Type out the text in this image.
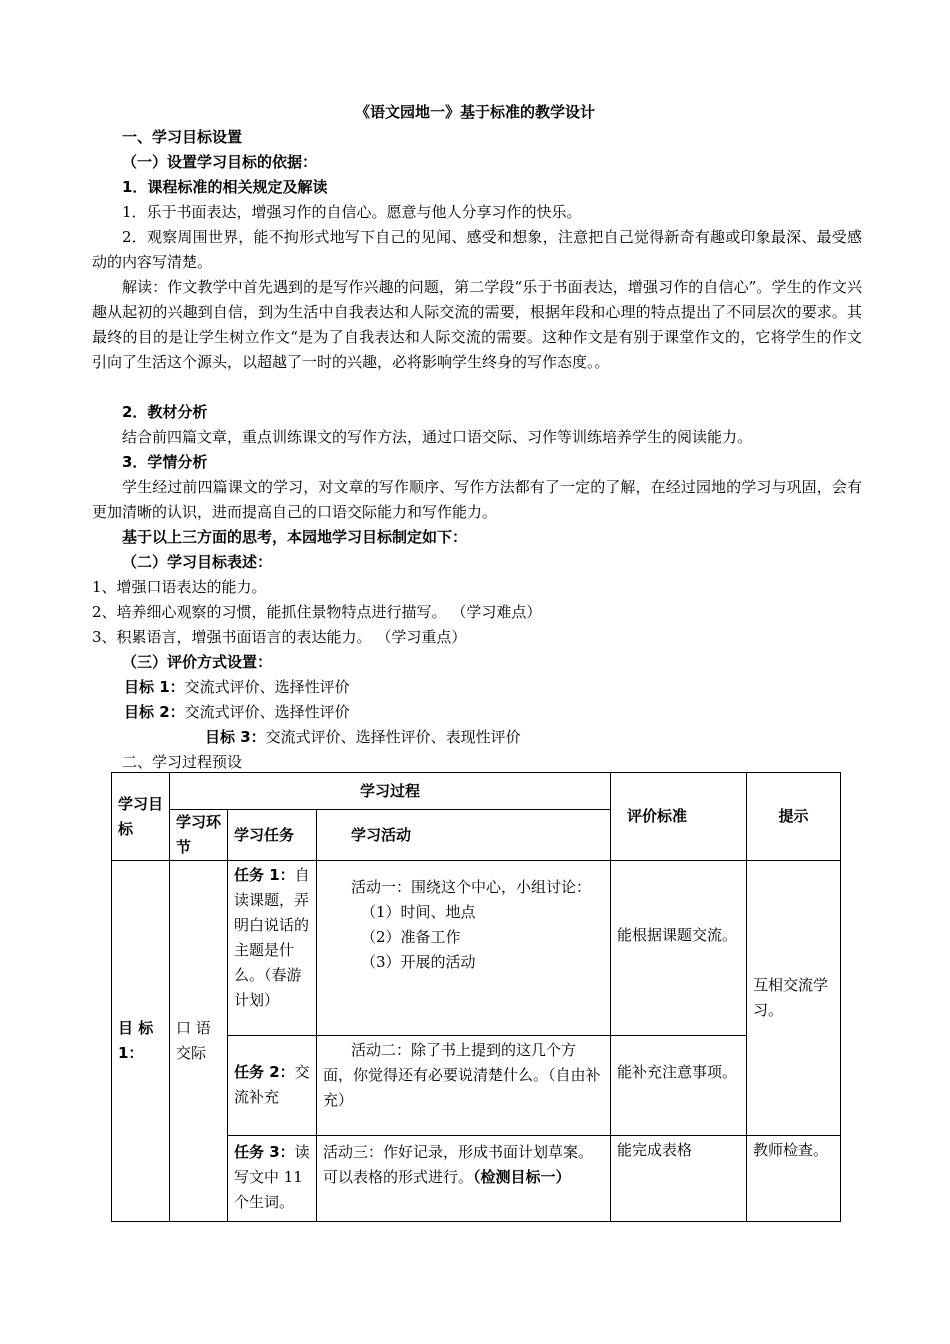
《语文园地一》基于标准的教学设计
一、学习目标设置
（一）设置学习目标的依据：
1．课程标准的相关规定及解读
1．乐于书面表达，增强习作的自信心。愿意与他人分享习作的快乐。
2．观察周围世界，能不拘形式地写下自己的见闻、感受和想象，注意把自己觉得新奇有趣或印象最深、最受感动的内容写清楚。
解读：作文教学中首先遇到的是写作兴趣的问题，第二学段“乐于书面表达，增强习作的自信心”。学生的作文兴趣从起初的兴趣到自信，到为生活中自我表达和人际交流的需要，根据年段和心理的特点提出了不同层次的要求。其最终的目的是让学生树立作文“是为了自我表达和人际交流的需要。这种作文是有别于课堂作文的，它将学生的作文引向了生活这个源头，以超越了一时的兴趣，必将影响学生终身的写作态度。。
2．教材分析
结合前四篇文章，重点训练课文的写作方法，通过口语交际、习作等训练培养学生的阅读能力。
3．学情分析
学生经过前四篇课文的学习，对文章的写作顺序、写作方法都有了一定的了解，在经过园地的学习与巩固，会有更加清晰的认识，进而提高自己的口语交际能力和写作能力。
基于以上三方面的思考，本园地学习目标制定如下：
（二）学习目标表述：
1、增强口语表达的能力。
2、培养细心观察的习惯，能抓住景物特点进行描写。 （学习难点）
3、积累语言，增强书面语言的表达能力。 （学习重点）
（三）评价方式设置：
目标 1：交流式评价、选择性评价
目标 2：交流式评价、选择性评价
目标 3：交流式评价、选择性评价、表现性评价
二、学习过程预设
学习目标	学习过程			评价标准	提示
	学习环节	学习任务	学习活动		
目 标 1：	口 语交际	任务 1：自读课题，弄明白说话的主题是什么。（春游计划）	活动一：围绕这个中心，小组讨论：
（1）时间、地点
（2）准备工作
（3）开展的活动	能根据课题交流。	互相交流学习。
		任务 2：交流补充	活动二：除了书上提到的这几个方面，你觉得还有必要说清楚什么。（自由补充）	能补充注意事项。	
		任务 3：读写文中 11 个生词。	活动三：作好记录，形成书面计划草案。可以表格的形式进行。（检测目标一）	能完成表格	教师检查。
